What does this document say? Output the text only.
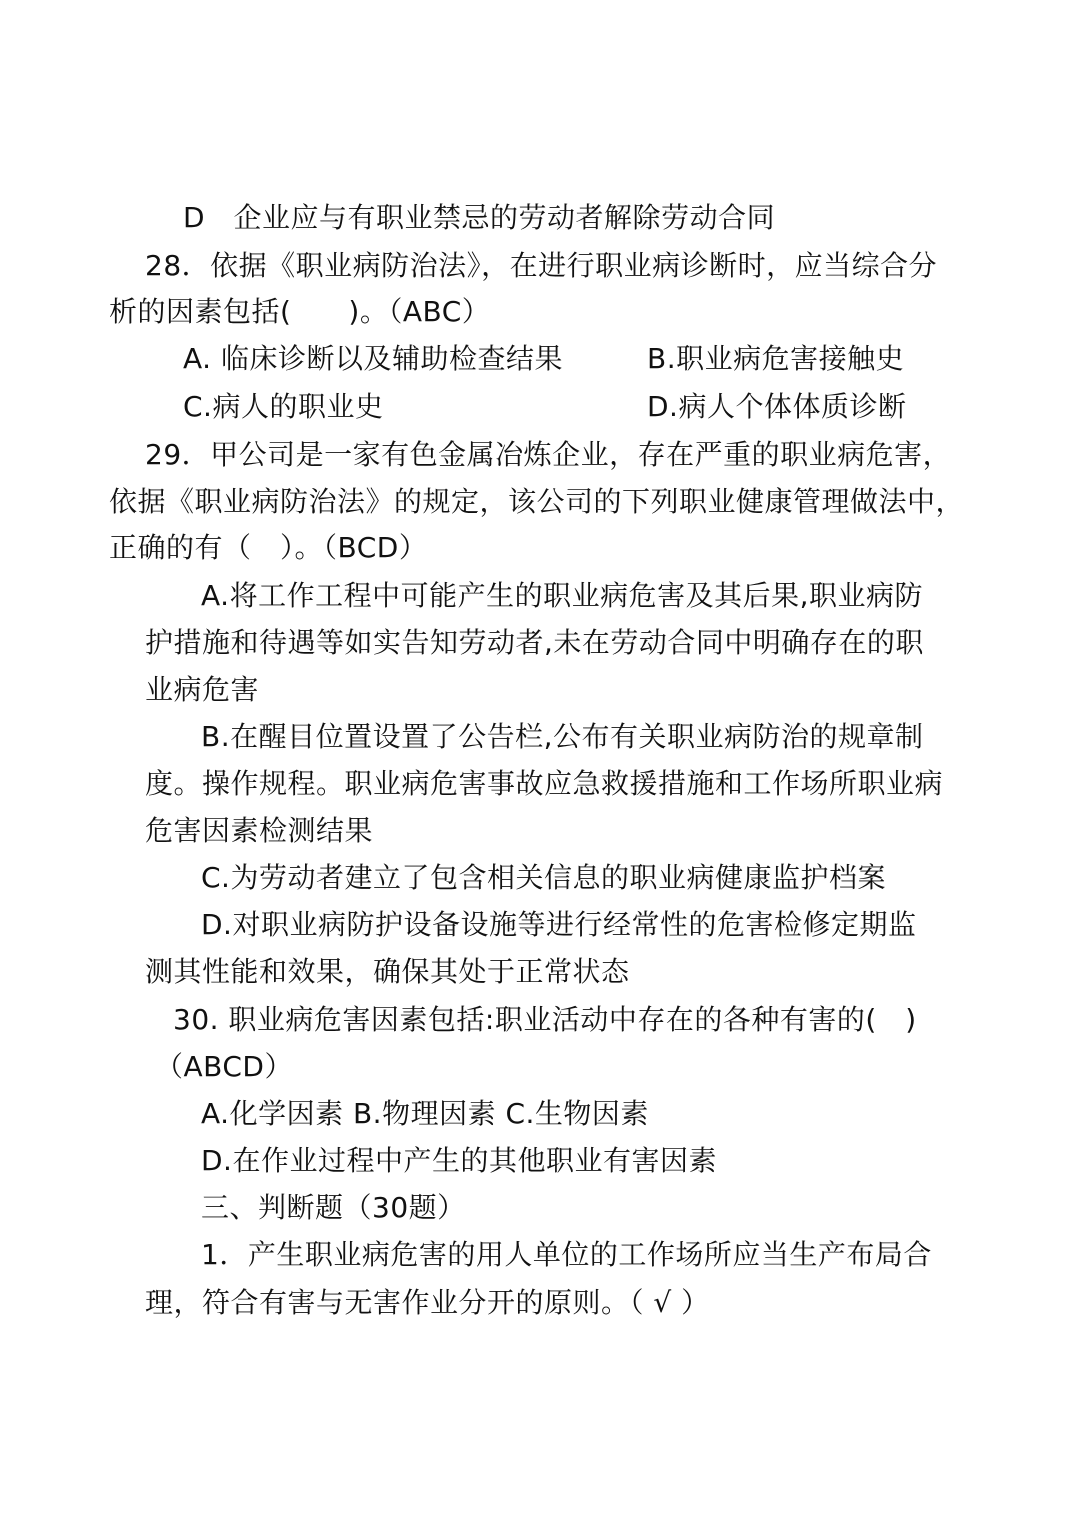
D　企业应与有职业禁忌的劳动者解除劳动合同
28．依据《职业病防治法》，在进行职业病诊断时，应当综合分
析的因素包括(　　)。（ABC）
A. 临床诊断以及辅助检查结果	B.职业病危害接触史
C.病人的职业史	D.病人个体体质诊断
29．甲公司是一家有色金属冶炼企业，存在严重的职业病危害，
依据《职业病防治法》的规定，该公司的下列职业健康管理做法中，
正确的有（　）。（BCD）
A.将工作工程中可能产生的职业病危害及其后果,职业病防
护措施和待遇等如实告知劳动者,未在劳动合同中明确存在的职
业病危害
B.在醒目位置设置了公告栏,公布有关职业病防治的规章制
度。操作规程。职业病危害事故应急救援措施和工作场所职业病
危害因素检测结果
C.为劳动者建立了包含相关信息的职业病健康监护档案
D.对职业病防护设备设施等进行经常性的危害检修定期监
测其性能和效果，确保其处于正常状态
30. 职业病危害因素包括:职业活动中存在的各种有害的(　)
（ABCD）
A.化学因素 B.物理因素 C.生物因素
D.在作业过程中产生的其他职业有害因素
三、判断题（30题）
1．产生职业病危害的用人单位的工作场所应当生产布局合
理，符合有害与无害作业分开的原则。（ √ ）
